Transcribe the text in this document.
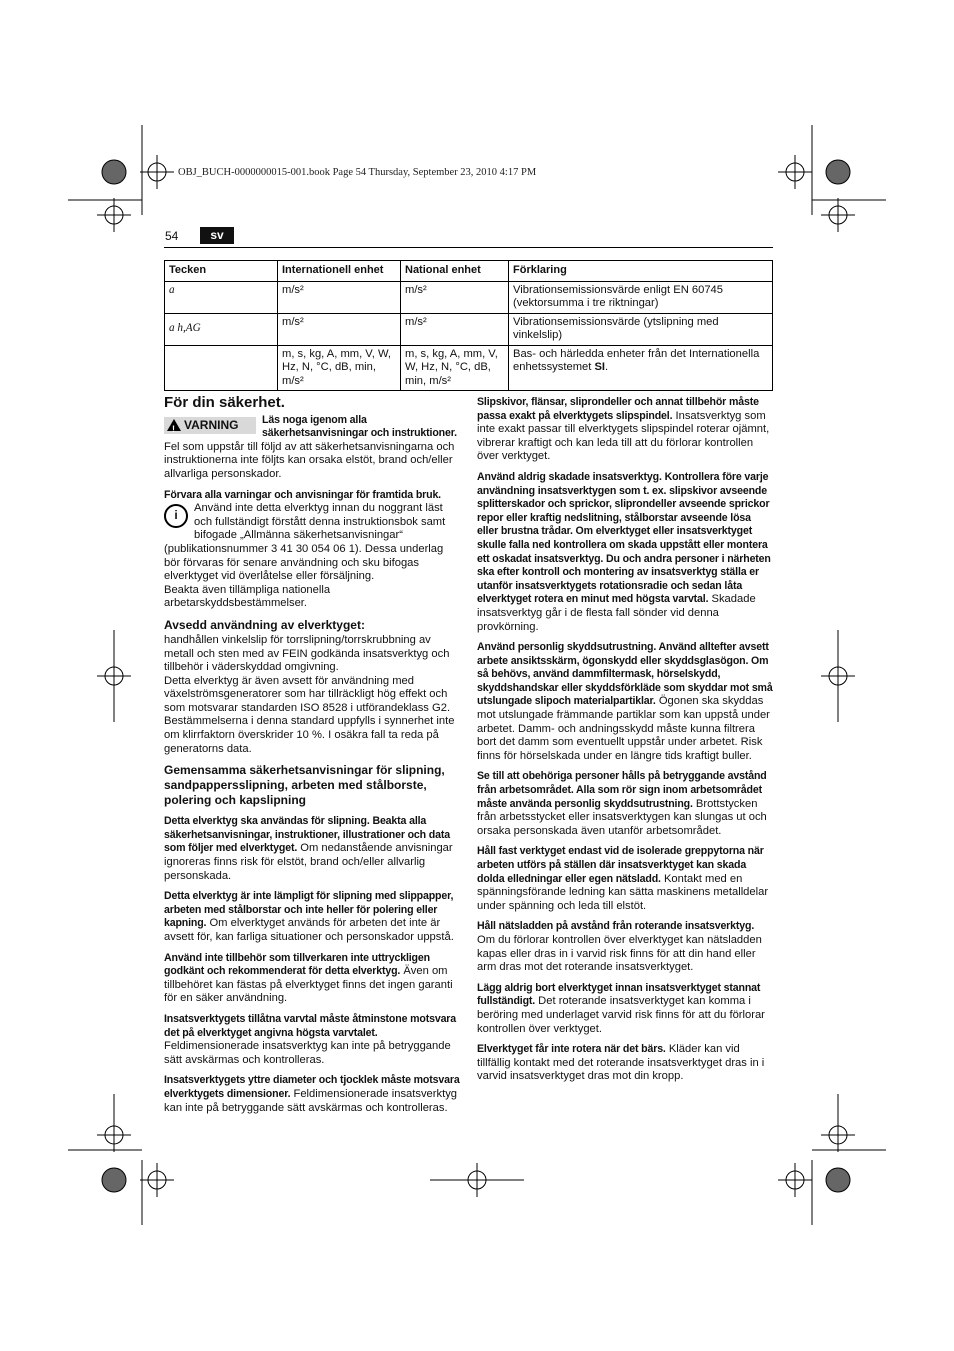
OBJ_BUCH-0000000015-001.book Page 54 Thursday, September 23, 2010 4:17 PM
54	sv
Tecken	Internationell enhet	National enhet	Förklaring
a	m/s²	m/s²	Vibrationsemissionsvärde enligt EN 60745 (vektorsumma i tre riktningar)
a h,AG	m/s²	m/s²	Vibrationsemissionsvärde (ytslipning med vinkelslip)
	m, s, kg, A, mm, V, W, Hz, N, °C, dB, min, m/s²	m, s, kg, A, mm, V, W, Hz, N, °C, dB, min, m/s²	Bas- och härledda enheter från det Internationella enhetssystemet SI.
För din säkerhet.

! VARNING Läs noga igenom alla säkerhetsanvisningar och instruktioner. Fel som uppstår till följd av att säkerhetsanvisningarna och instruktionerna inte följts kan orsaka elstöt, brand och/eller allvarliga personskador.

Förvara alla varningar och anvisningar för framtida bruk.

i
Använd inte detta elverktyg innan du noggrant läst och fullständigt förstått denna instruktionsbok samt bifogade „Allmänna säkerhetsanvisningar“ (publikationsnummer 3 41 30 054 06 1). Dessa underlag bör förvaras för senare användning och sku bifogas elverktyget vid överlåtelse eller försäljning.

Beakta även tillämpliga nationella arbetarskyddsbestämmelser.

Avsedd användning av elverktyget:

handhållen vinkelslip för torrslipning/torrskrubbning av metall och sten med av FEIN godkända insatsverktyg och tillbehör i väderskyddad omgivning.

Detta elverktyg är även avsett för användning med växelströmsgeneratorer som har tillräckligt hög effekt och som motsvarar standarden ISO 8528 i utförandeklass G2. Bestämmelserna i denna standard uppfylls i synnerhet inte om klirrfaktorn överskrider 10 %. I osäkra fall ta reda på generatorns data.

Gemensamma säkerhetsanvisningar för slipning, sandpappersslipning, arbeten med stålborste, polering och kapslipning

Detta elverktyg ska användas för slipning. Beakta alla säkerhetsanvisningar, instruktioner, illustrationer och data som följer med elverktyget. Om nedanstående anvisningar ignoreras finns risk för elstöt, brand och/eller allvarlig personskada.

Detta elverktyg är inte lämpligt för slipning med slippapper, arbeten med stålborstar och inte heller för polering eller kapning. Om elverktyget används för arbeten det inte är avsett för, kan farliga situationer och personskador uppstå.

Använd inte tillbehör som tillverkaren inte uttryckligen godkänt och rekommenderat för detta elverktyg. Även om tillbehöret kan fästas på elverktyget finns det ingen garanti för en säker användning.

Insatsverktygets tillåtna varvtal måste åtminstone motsvara det på elverktyget angivna högsta varvtalet. Feldimensionerade insatsverktyg kan inte på betryggande sätt avskärmas och kontrolleras.

Insatsverktygets yttre diameter och tjocklek måste motsvara elverktygets dimensioner. Feldimensionerade insatsverktyg kan inte på betryggande sätt avskärmas och kontrolleras.

Slipskivor, flänsar, sliprondeller och annat tillbehör måste passa exakt på elverktygets slipspindel. Insatsverktyg som inte exakt passar till elverktygets slipspindel roterar ojämnt, vibrerar kraftigt och kan leda till att du förlorar kontrollen över verktyget.

Använd aldrig skadade insatsverktyg. Kontrollera före varje användning insatsverktygen som t. ex. slipskivor avseende splitterskador och sprickor, sliprondeller avseende sprickor repor eller kraftig nedslitning, stålborstar avseende lösa eller brustna trådar. Om elverktyget eller insatsverktyget skulle falla ned kontrollera om skada uppstått eller montera ett oskadat insatsverktyg. Du och andra personer i närheten ska efter kontroll och montering av insatsverktyg ställa er utanför insatsverktygets rotationsradie och sedan låta elverktyget rotera en minut med högsta varvtal. Skadade insatsverktyg går i de flesta fall sönder vid denna provkörning.

Använd personlig skyddsutrustning. Använd alltefter avsett arbete ansiktsskärm, ögonskydd eller skyddsglasögon. Om så behövs, använd dammfiltermask, hörselskydd, skyddshandskar eller skyddsförkläde som skyddar mot små utslungade slipoch materialpartiklar. Ögonen ska skyddas mot utslungade främmande partiklar som kan uppstå under arbetet. Damm- och andningsskydd måste kunna filtrera bort det damm som eventuellt uppstår under arbetet. Risk finns för hörselskada under en längre tids kraftigt buller.

Se till att obehöriga personer hålls på betryggande avstånd från arbetsområdet. Alla som rör sign inom arbetsområdet måste använda personlig skyddsutrustning. Brottstycken från arbetsstycket eller insatsverktygen kan slungas ut och orsaka personskada även utanför arbetsområdet.

Håll fast verktyget endast vid de isolerade greppytorna när arbeten utförs på ställen där insatsverktyget kan skada dolda elledningar eller egen nätsladd. Kontakt med en spänningsförande ledning kan sätta maskinens metalldelar under spänning och leda till elstöt.

Håll nätsladden på avstånd från roterande insatsverktyg. Om du förlorar kontrollen över elverktyget kan nätsladden kapas eller dras in i varvid risk finns för att din hand eller arm dras mot det roterande insatsverktyget.

Lägg aldrig bort elverktyget innan insatsverktyget stannat fullständigt. Det roterande insatsverktyget kan komma i beröring med underlaget varvid risk finns för att du förlorar kontrollen över verktyget.

Elverktyget får inte rotera när det bärs. Kläder kan vid tillfällig kontakt med det roterande insatsverktyget dras in i varvid insatsverktyget dras mot din kropp.
